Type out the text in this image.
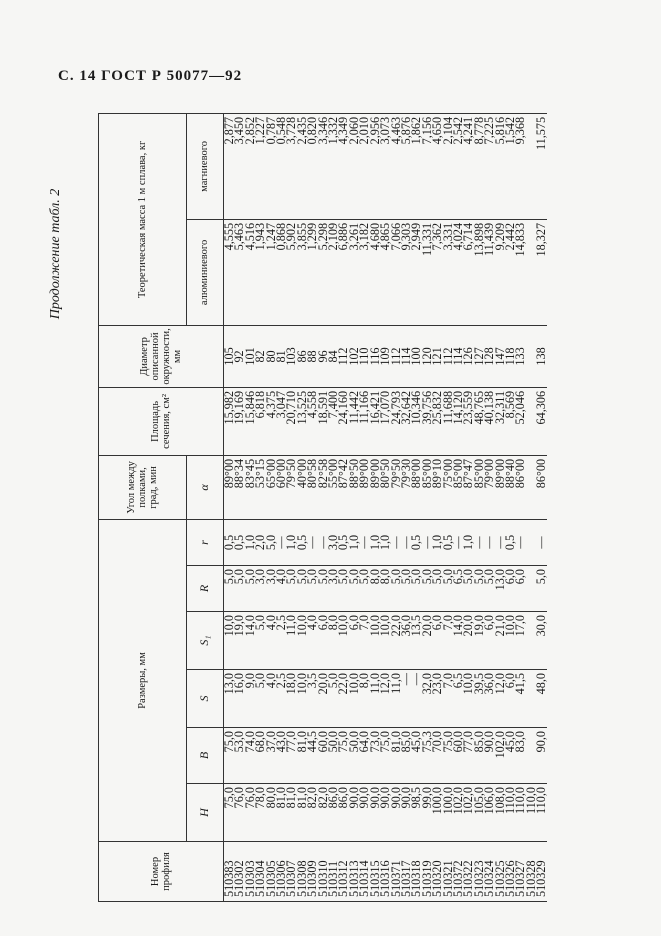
С. 14 ГОСТ Р 50077—92
Продолжение табл. 2
Номер профиля	Размеры, мм						Угол между полками, град, мин	Площадь сечения, см²	Диаметр описанной окружности, мм	Теоретическая масса 1 м сплава, кг	
	H	B	S	S₁	R	r	α			алюминиевого	магниевого
510383	75,0	75,0	13,0	10,0	5,0	0,5	89°00	15,982	105	4,555	2,877
510302	76,0	53,0	16,0	19,0	5,0	0,5	88°34	19,169	92	5,463	3,450
510303	76,0	74,0	9,0	14,0	5,0	1,0	83°45	15,846	101	4,516	2,852
510304	78,0	68,0	5,0	5,0	3,0	2,0	53°15	6,818	82	1,943	1,227
510305	80,0	37,0	4,0	4,0	3,0	5,0	65°00	4,375	80	1,247	0,787
510306	81,0	43,0	2,5	2,5	4,0	—	60°00	3,047	81	0,868	0,548
510307	81,0	77,0	18,0	11,0	5,0	1,0	79°50	20,710	103	5,902	3,728
510308	81,0	81,0	10,0	10,0	5,0	0,5	40°00	13,525	86	3,855	2,435
510309	82,0	44,5	3,5	4,0	5,0	—	80°58	4,558	88	1,299	0,820
510310	82,0	60,0	20,0	6,0	5,0	—	82°58	18,591	96	5,298	3,346
510311	86,0	50,0	5,0	8,0	3,0	3,0	55°00	7,400	84	2,109	1,332
510312	86,0	75,0	22,0	10,0	5,0	0,5	87°42	24,160	112	6,886	4,349
510313	90,0	50,0	10,0	6,0	5,0	1,0	88°50	11,442	102	3,261	2,060
510314	90,0	64,0	8,0	7,0	5,0	—	89°00	11,166	110	3,182	2,010
510315	90,0	73,0	11,0	10,0	8,0	1,0	89°00	16,421	116	4,680	2,956
510316	90,0	75,0	12,0	10,0	8,0	1,0	80°50	17,070	109	4,865	3,073
510371	90,0	81,0	11,0	22,0	5,0	—	79°50	24,793	112	7,066	4,463
510317	90,0	85,0	—	36,0	5,0	—	79°30	32,642	114	9,303	5,876
510318	98,5	45,0	—	13,5	5,0	0,5	88°00	10,346	100	2,949	1,862
510319	99,0	75,3	32,0	20,0	5,0	—	85°00	39,756	120	11,331	7,156
510320	100,0	70,0	23,0	6,0	5,0	1,0	89°10	25,832	121	7,362	4,650
510321	100,0	75,0	7,0	7,0	5,0	0,5	75°00	11,688	112	3,331	2,104
510372	102,0	60,0	6,5	14,0	6,5	—	85°00	14,120	114	4,024	2,542
510322	102,0	77,0	10,0	20,0	5,0	1,0	87°47	23,559	126	6,714	4,241
510323	105,0	85,0	39,5	19,0	5,0	—	85°00	48,765	127	13,898	8,778
510324	106,0	90,0	36,0	6,0	5,0	—	79°00	40,138	128	11,439	7,225
510325	108,0	102,0	12,0	21,0	13,0	—	89°00	32,311	147	9,209	5,816
510326	110,0	45,0	6,0	10,0	6,0	0,5	88°40	8,569	118	2,442	1,542
510327	110,0	83,0	41,5	17,0	6,0	—	86°00	52,046	133	14,833	9,368
510328	110,0										
510329	110,0	90,0	48,0	30,0	5,0	—	86°00	64,306	138	18,327	11,575
